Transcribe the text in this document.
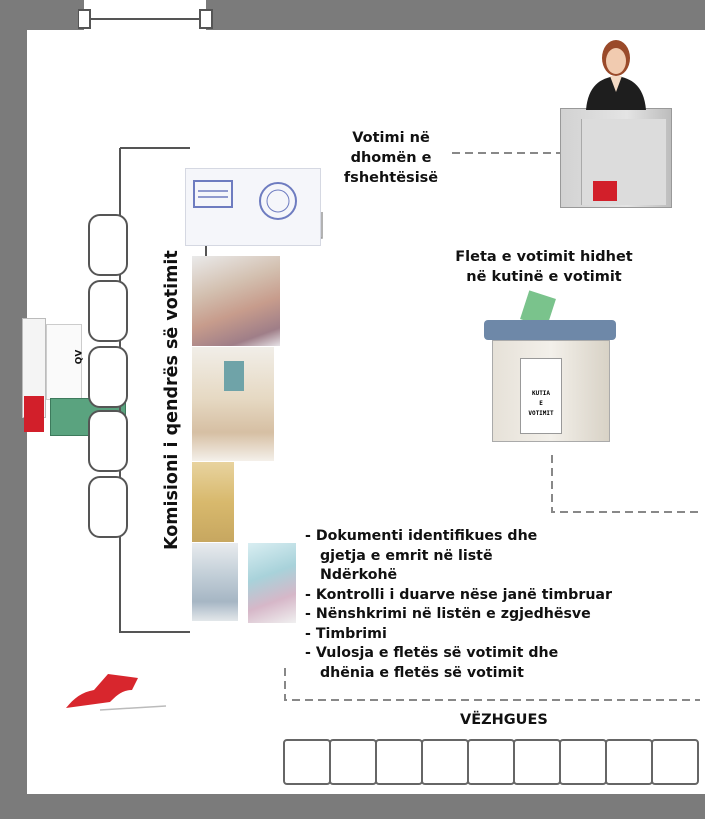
QV	Komisioni i qendrës së votimit
Votimi në
dhomën e
fshehtësisë
Fleta e votimit hidhet
në kutinë e votimit
KUTIA
E
VOTIMIT
- Dokumenti identifikues dhe
gjetja e emrit në listë
Ndërkohë
- Kontrolli i duarve nëse janë timbruar
- Nënshkrimi në listën e zgjedhësve
- Timbrimi
- Vulosja e fletës së votimit dhe
dhënia e fletës së votimit
VËZHGUES
